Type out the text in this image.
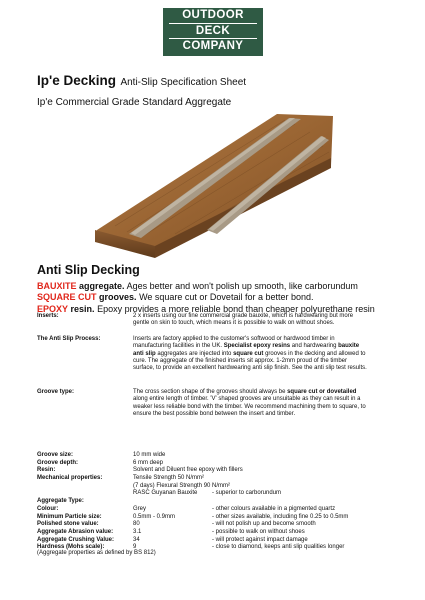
OUTDOOR
DECK
COMPANY
Ip'e Decking Anti-Slip Specification Sheet
Ip'e Commercial Grade Standard Aggregate
Anti Slip Decking
BAUXITE aggregate. Ages better and won't polish up smooth, like carborundum
SQUARE CUT grooves. We square cut or Dovetail for a better bond.
EPOXY resin. Epoxy provides a more reliable bond than cheaper polyurethane resin
Inserts:	2 x inserts using our fine commercial grade bauxite, which is hardwearing but more gentle on skin to touch, which means it is possible to walk on without shoes.
The Anti Slip Process:	Inserts are factory applied to the customer's softwood or hardwood timber in manufacturing facilities in the UK. Specialist epoxy resins and hardwearing bauxite anti slip aggregates are injected into square cut grooves in the decking and allowed to cure. The aggregate of the finished inserts sit approx. 1-2mm proud of the timber surface, to provide an excellent hardwearing anti slip finish. See the anti slip test results.
Groove type:	The cross section shape of the grooves should always be square cut or dovetailed along entire length of timber. 'V' shaped grooves are unsuitable as they can result in a weaker less reliable bond with the timber. We recommend machining them to square, to ensure the best possible bond between the insert and timber.
Groove size:	10 mm wide
Groove depth:	6 mm deep
Resin:	Solvent and Diluent free epoxy with fillers
Mechanical properties:	Tensile Strength 50 N/mm²
(7 days) Flexural Strength 90 N/mm²
Aggregate Type:
RASC Guyanan Bauxite - superior to carborundum
Colour:	Grey	- other colours available in a pigmented quartz
Minimum Particle size:	0.5mm - 0.9mm	- other sizes available, including fine 0.25 to 0.5mm
Polished stone value:	80	- will not polish up and become smooth
Aggregate Abrasion value:	3.1	- possible to walk on without shoes
Aggregate Crushing Value:	34	- will protect against impact damage
Hardness (Mohs scale):	9	- close to diamond, keeps anti slip qualities longer
(Aggregate properties as defined by BS 812)
